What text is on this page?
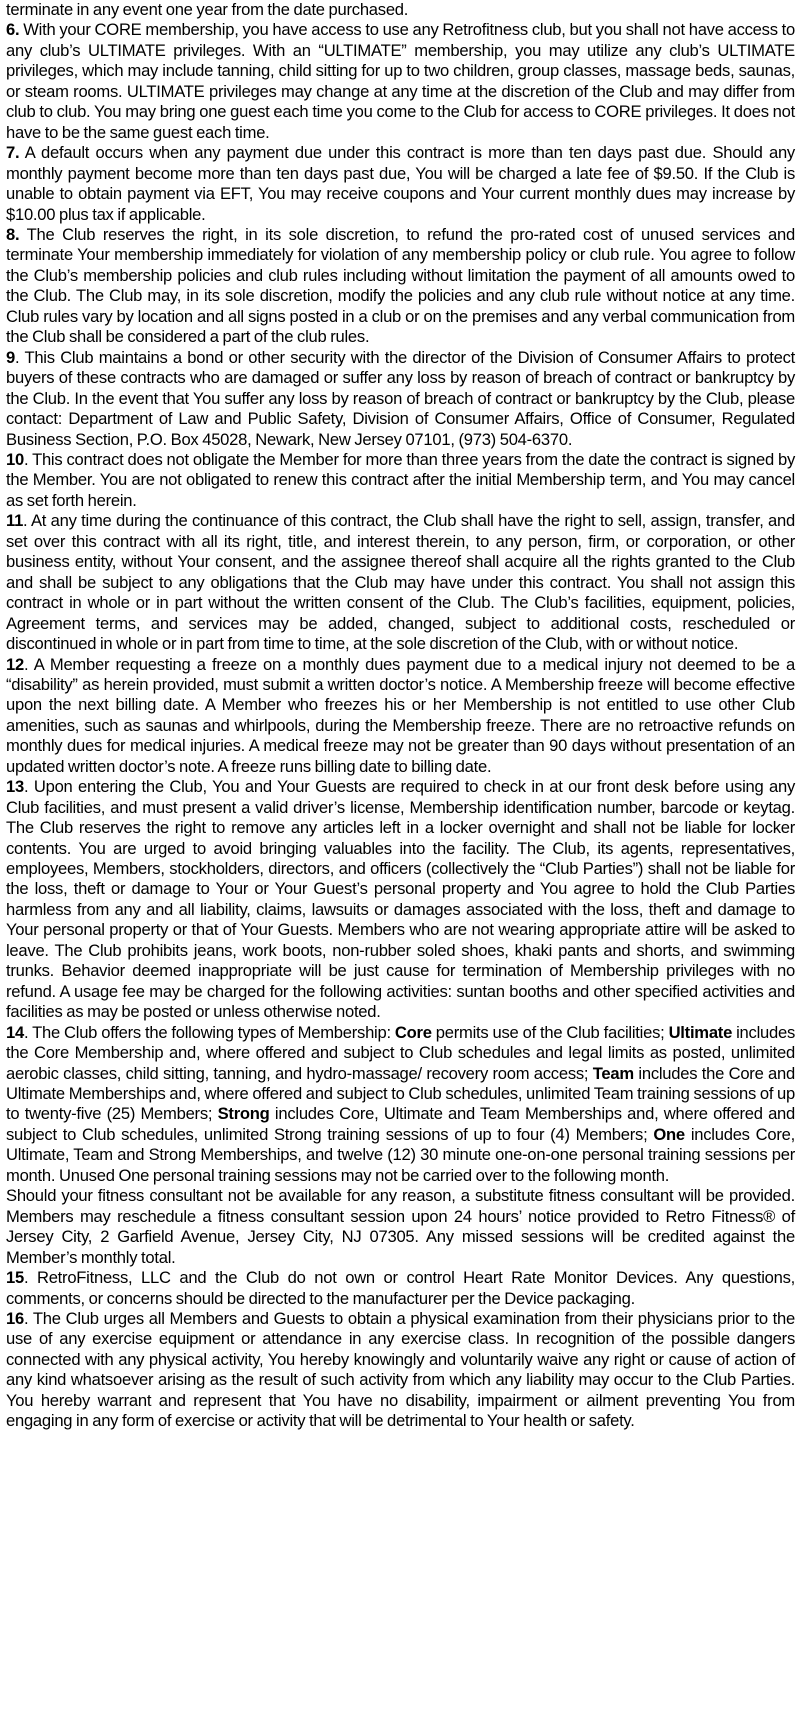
terminate in any event one year from the date purchased.

6. With your CORE membership, you have access to use any Retrofitness club, but you shall not have access to any club’s ULTIMATE privileges. With an “ULTIMATE” membership, you may utilize any club’s ULTIMATE privileges, which may include tanning, child sitting for up to two children, group classes, massage beds, saunas, or steam rooms. ULTIMATE privileges may change at any time at the discretion of the Club and may differ from club to club. You may bring one guest each time you come to the Club for access to CORE privileges. It does not have to be the same guest each time.

7. A default occurs when any payment due under this contract is more than ten days past due. Should any monthly payment become more than ten days past due, You will be charged a late fee of $9.50. If the Club is unable to obtain payment via EFT, You may receive coupons and Your current monthly dues may increase by $10.00 plus tax if applicable.

8. The Club reserves the right, in its sole discretion, to refund the pro-rated cost of unused services and terminate Your membership immediately for violation of any membership policy or club rule. You agree to follow the Club’s membership policies and club rules including without limitation the payment of all amounts owed to the Club. The Club may, in its sole discretion, modify the policies and any club rule without notice at any time. Club rules vary by location and all signs posted in a club or on the premises and any verbal communication from the Club shall be considered a part of the club rules.

9. This Club maintains a bond or other security with the director of the Division of Consumer Affairs to protect buyers of these contracts who are damaged or suffer any loss by reason of breach of contract or bankruptcy by the Club. In the event that You suffer any loss by reason of breach of contract or bankruptcy by the Club, please contact: Department of Law and Public Safety, Division of Consumer Affairs, Office of Consumer, Regulated Business Section, P.O. Box 45028, Newark, New Jersey 07101, (973) 504-6370.

10. This contract does not obligate the Member for more than three years from the date the contract is signed by the Member. You are not obligated to renew this contract after the initial Membership term, and You may cancel as set forth herein.

11. At any time during the continuance of this contract, the Club shall have the right to sell, assign, transfer, and set over this contract with all its right, title, and interest therein, to any person, firm, or corporation, or other business entity, without Your consent, and the assignee thereof shall acquire all the rights granted to the Club and shall be subject to any obligations that the Club may have under this contract. You shall not assign this contract in whole or in part without the written consent of the Club. The Club’s facilities, equipment, policies, Agreement terms, and services may be added, changed, subject to additional costs, rescheduled or discontinued in whole or in part from time to time, at the sole discretion of the Club, with or without notice.

12. A Member requesting a freeze on a monthly dues payment due to a medical injury not deemed to be a “disability” as herein provided, must submit a written doctor’s notice. A Membership freeze will become effective upon the next billing date. A Member who freezes his or her Membership is not entitled to use other Club amenities, such as saunas and whirlpools, during the Membership freeze. There are no retroactive refunds on monthly dues for medical injuries. A medical freeze may not be greater than 90 days without presentation of an updated written doctor’s note. A freeze runs billing date to billing date.

13. Upon entering the Club, You and Your Guests are required to check in at our front desk before using any Club facilities, and must present a valid driver’s license, Membership identification number, barcode or keytag. The Club reserves the right to remove any articles left in a locker overnight and shall not be liable for locker contents. You are urged to avoid bringing valuables into the facility. The Club, its agents, representatives, employees, Members, stockholders, directors, and officers (collectively the “Club Parties”) shall not be liable for the loss, theft or damage to Your or Your Guest’s personal property and You agree to hold the Club Parties harmless from any and all liability, claims, lawsuits or damages associated with the loss, theft and damage to Your personal property or that of Your Guests. Members who are not wearing appropriate attire will be asked to leave. The Club prohibits jeans, work boots, non-rubber soled shoes, khaki pants and shorts, and swimming trunks. Behavior deemed inappropriate will be just cause for termination of Membership privileges with no refund. A usage fee may be charged for the following activities: suntan booths and other specified activities and facilities as may be posted or unless otherwise noted.

14. The Club offers the following types of Membership: Core permits use of the Club facilities; Ultimate includes the Core Membership and, where offered and subject to Club schedules and legal limits as posted, unlimited aerobic classes, child sitting, tanning, and hydro-massage/ recovery room access; Team includes the Core and Ultimate Memberships and, where offered and subject to Club schedules, unlimited Team training sessions of up to twenty-five (25) Members; Strong includes Core, Ultimate and Team Memberships and, where offered and subject to Club schedules, unlimited Strong training sessions of up to four (4) Members; One includes Core, Ultimate, Team and Strong Memberships, and twelve (12) 30 minute one-on-one personal training sessions per month. Unused One personal training sessions may not be carried over to the following month.

Should your fitness consultant not be available for any reason, a substitute fitness consultant will be provided. Members may reschedule a fitness consultant session upon 24 hours’ notice provided to Retro Fitness® of Jersey City, 2 Garfield Avenue, Jersey City, NJ 07305. Any missed sessions will be credited against the Member’s monthly total.

15. RetroFitness, LLC and the Club do not own or control Heart Rate Monitor Devices. Any questions, comments, or concerns should be directed to the manufacturer per the Device packaging.

16. The Club urges all Members and Guests to obtain a physical examination from their physicians prior to the use of any exercise equipment or attendance in any exercise class. In recognition of the possible dangers connected with any physical activity, You hereby knowingly and voluntarily waive any right or cause of action of any kind whatsoever arising as the result of such activity from which any liability may occur to the Club Parties. You hereby warrant and represent that You have no disability, impairment or ailment preventing You from engaging in any form of exercise or activity that will be detrimental to Your health or safety.
